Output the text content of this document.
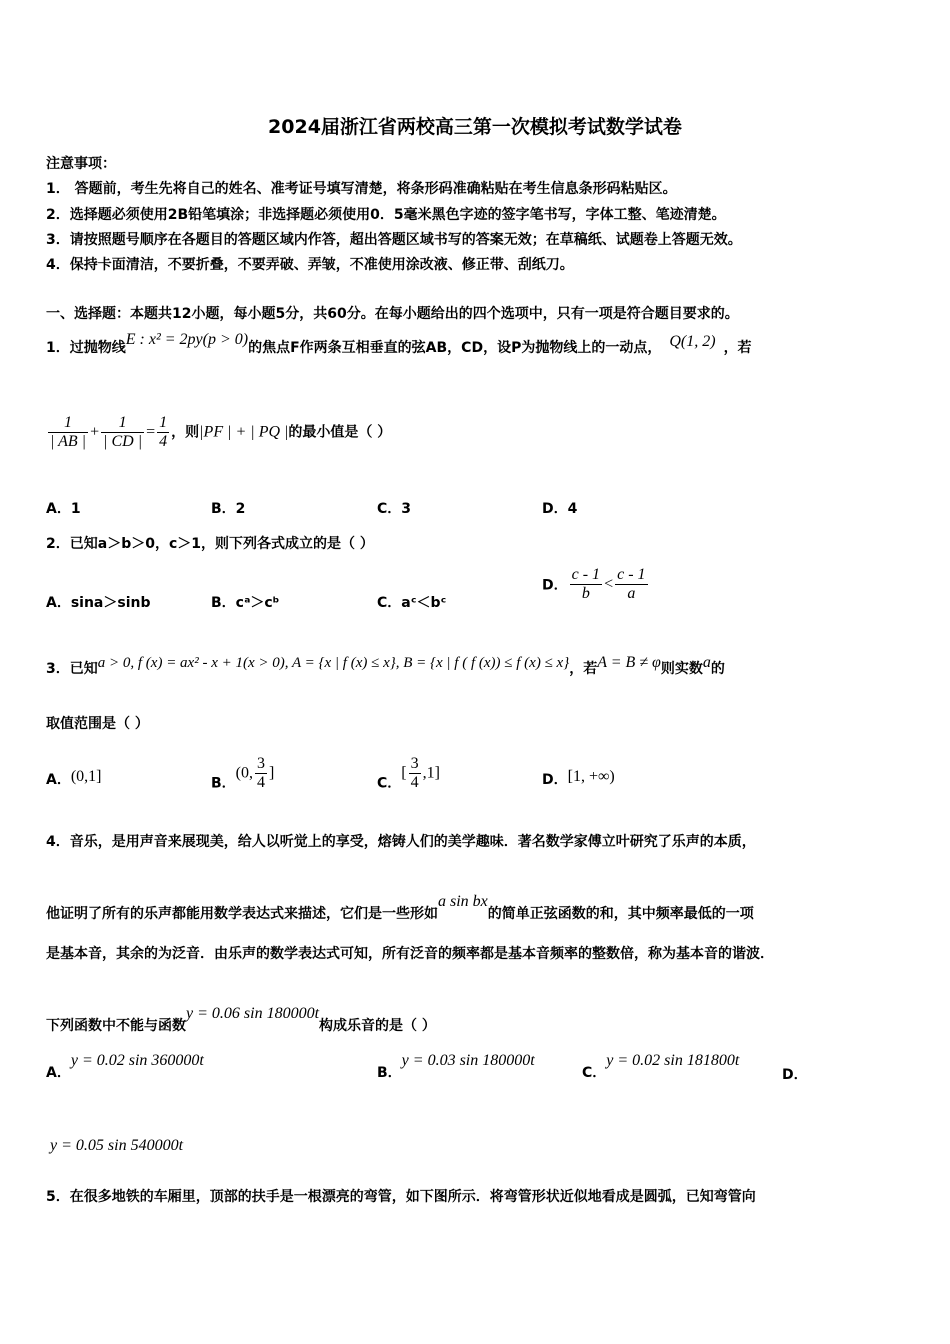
2024届浙江省两校高三第一次模拟考试数学试卷
注意事项：
1． 答题前，考生先将自己的姓名、准考证号填写清楚，将条形码准确粘贴在考生信息条形码粘贴区。
2．选择题必须使用2B铅笔填涂；非选择题必须使用0．5毫米黑色字迹的签字笔书写，字体工整、笔迹清楚。
3．请按照题号顺序在各题目的答题区域内作答，超出答题区域书写的答案无效；在草稿纸、试题卷上答题无效。
4．保持卡面清洁，不要折叠，不要弄破、弄皱，不准使用涂改液、修正带、刮纸刀。
一、选择题：本题共12小题，每小题5分，共60分。在每小题给出的四个选项中，只有一项是符合题目要求的。
1．过抛物线E : x² = 2py(p > 0)的焦点F作两条互相垂直的弦AB，CD，设P为抛物线上的一动点， Q(1, 2) ，若
$\frac{1}{| AB |} + \frac{1}{| CD |} = \frac{1}{4}$ ，则|PF | + | PQ |的最小值是（ ）
A．1	B．2	C．3	D．4
2．已知a＞b＞0，c＞1，则下列各式成立的是（ ）
A．sina＞sinb	B．cᵃ＞cᵇ	C．aᶜ＜bᶜ
D． $\frac{c - 1}{b} < \frac{c - 1}{a}$
3．已知a > 0, f (x) = ax² - x + 1(x > 0), A = {x | f (x) ≤ x}, B = {x | f ( f (x)) ≤ f (x) ≤ x}，若A = B ≠ φ则实数a的
取值范围是（ ）
A．(0,1]	B．(0, $\frac{3}{4}$ ]
C．[ $\frac{3}{4} ,1$]	D．[1, +∞)
4．音乐，是用声音来展现美，给人以听觉上的享受，熔铸人们的美学趣味．著名数学家傅立叶研究了乐声的本质，
他证明了所有的乐声都能用数学表达式来描述，它们是一些形如a sin bx的简单正弦函数的和，其中频率最低的一项
是基本音，其余的为泛音．由乐声的数学表达式可知，所有泛音的频率都是基本音频率的整数倍，称为基本音的谐波．
下列函数中不能与函数y = 0.06 sin 180000t构成乐音的是（ ）
A．y = 0.02 sin 360000t
B．y = 0.03 sin 180000t
C．y = 0.02 sin 181800t
D．
y = 0.05 sin 540000t
5．在很多地铁的车厢里，顶部的扶手是一根漂亮的弯管，如下图所示．将弯管形状近似地看成是圆弧，已知弯管向
